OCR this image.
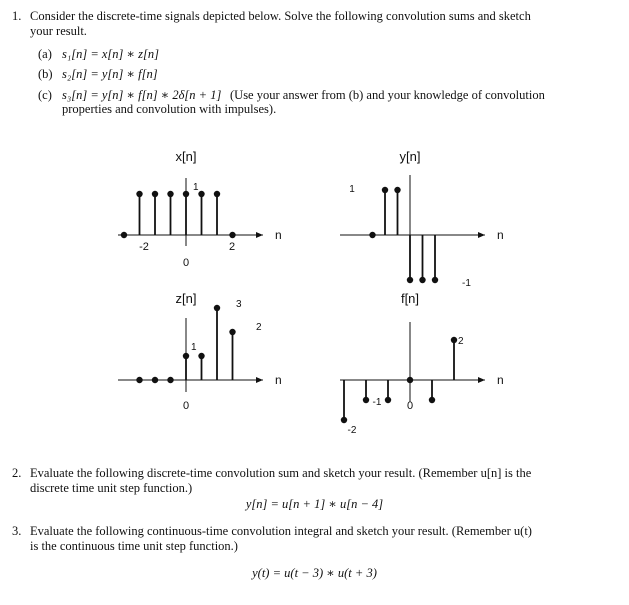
1. Consider the discrete-time signals depicted below. Solve the following convolution sums and sketch
your result.
(a) s₁[n] = x[n] ∗ z[n]
(b) s₂[n] = y[n] ∗ f[n]
(c) s₃[n] = y[n] ∗ f[n] ∗ 2δ[n + 1] (Use your answer from (b) and your knowledge of convolution
properties and convolution with impulses).
x[n]	y[n]
z[n]	f[n]
n
-2
0
2
1
n
1
-1
n
0
1
3
2
n
0
-2
-1
2
2. Evaluate the following discrete-time convolution sum and sketch your result. (Remember u[n] is the
discrete time unit step function.)
y[n] = u[n + 1] ∗ u[n − 4]
3. Evaluate the following continuous-time convolution integral and sketch your result. (Remember u(t)
is the continuous time unit step function.)
y(t) = u(t − 3) ∗ u(t + 3)
